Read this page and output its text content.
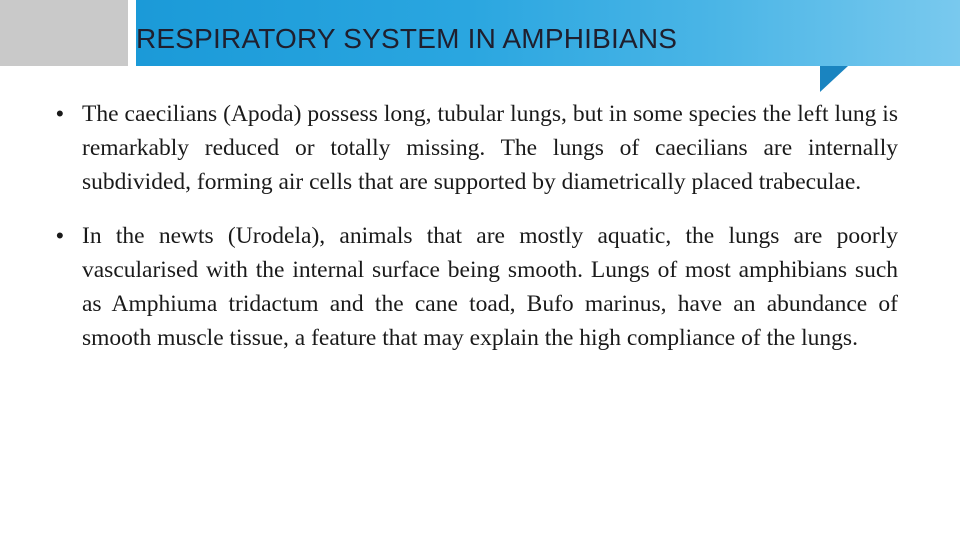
RESPIRATORY SYSTEM IN AMPHIBIANS
• The caecilians (Apoda) possess long, tubular lungs, but in some species the left lung is remarkably reduced or totally missing. The lungs of caecilians are internally subdivided, forming air cells that are supported by diametrically placed trabeculae.
• In the newts (Urodela), animals that are mostly aquatic, the lungs are poorly vascularised with the internal surface being smooth. Lungs of most amphibians such as Amphiuma tridactum and the cane toad, Bufo marinus, have an abundance of smooth muscle tissue, a feature that may explain the high compliance of the lungs.
